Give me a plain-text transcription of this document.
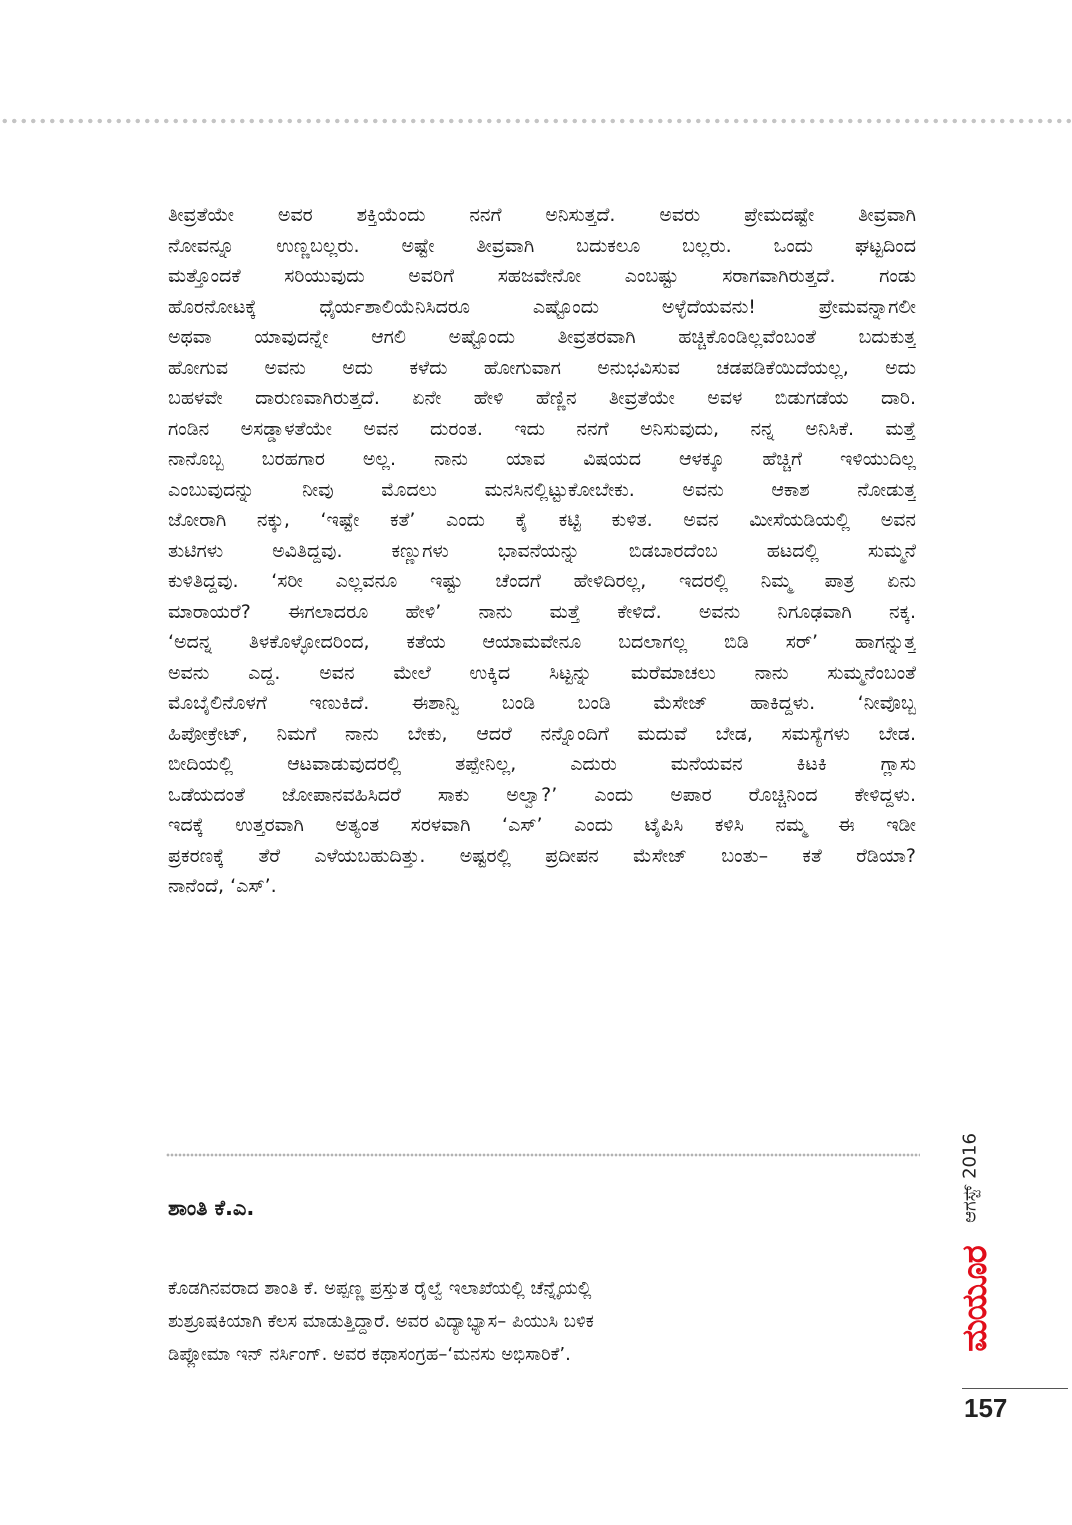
ತೀವ್ರತೆಯೇ ಅವರ ಶಕ್ತಿಯೆಂದು ನನಗೆ ಅನಿಸುತ್ತದೆ. ಅವರು ಪ್ರೇಮದಷ್ಟೇ ತೀವ್ರವಾಗಿ
ನೋವನ್ನೂ ಉಣ್ಣಬಲ್ಲರು. ಅಷ್ಟೇ ತೀವ್ರವಾಗಿ ಬದುಕಲೂ ಬಲ್ಲರು. ಒಂದು ಘಟ್ಟದಿಂದ
ಮತ್ತೊಂದಕೆ ಸರಿಯುವುದು ಅವರಿಗೆ ಸಹಜವೇನೋ ಎಂಬಷ್ಟು ಸರಾಗವಾಗಿರುತ್ತದೆ. ಗಂಡು
ಹೊರನೋಟಕ್ಕೆ ಧೈರ್ಯಶಾಲಿಯೆನಿಸಿದರೂ ಎಷ್ಟೊಂದು ಅಳ್ಳೆದೆಯವನು! ಪ್ರೇಮವನ್ನಾಗಲೀ
ಅಥವಾ ಯಾವುದನ್ನೇ ಆಗಲಿ ಅಷ್ಟೊಂದು ತೀವ್ರತರವಾಗಿ ಹಚ್ಚಿಕೊಂಡಿಲ್ಲವೆಂಬಂತೆ ಬದುಕುತ್ತ
ಹೋಗುವ ಅವನು ಅದು ಕಳೆದು ಹೋಗುವಾಗ ಅನುಭವಿಸುವ ಚಡಪಡಿಕೆಯಿದೆಯಲ್ಲ, ಅದು
ಬಹಳವೇ ದಾರುಣವಾಗಿರುತ್ತದೆ. ಏನೇ ಹೇಳಿ ಹೆಣ್ಣಿನ ತೀವ್ರತೆಯೇ ಅವಳ ಬಿಡುಗಡೆಯ ದಾರಿ.
ಗಂಡಿನ ಅಸಡ್ಡಾಳತೆಯೇ ಅವನ ದುರಂತ. ಇದು ನನಗೆ ಅನಿಸುವುದು, ನನ್ನ ಅನಿಸಿಕೆ. ಮತ್ತೆ
ನಾನೊಬ್ಬ ಬರಹಗಾರ ಅಲ್ಲ. ನಾನು ಯಾವ ವಿಷಯದ ಆಳಕ್ಕೂ ಹೆಚ್ಚಿಗೆ ಇಳಿಯುದಿಲ್ಲ
ಎಂಬುವುದನ್ನು ನೀವು ಮೊದಲು ಮನಸಿನಲ್ಲಿಟ್ಟುಕೋಬೇಕು. ಅವನು ಆಕಾಶ ನೋಡುತ್ತ
ಜೋರಾಗಿ ನಕ್ಕು, ‘ಇಷ್ಟೇ ಕತೆ’ ಎಂದು ಕೈ ಕಟ್ಟಿ ಕುಳಿತ. ಅವನ ಮೀಸೆಯಡಿಯಲ್ಲಿ ಅವನ
ತುಟಿಗಳು ಅವಿತಿದ್ದವು. ಕಣ್ಣುಗಳು ಭಾವನೆಯನ್ನು ಬಿಡಬಾರದೆಂಬ ಹಟದಲ್ಲಿ ಸುಮ್ಮನೆ
ಕುಳಿತಿದ್ದವು. ‘ಸರೀ ಎಲ್ಲವನೂ ಇಷ್ಟು ಚೆಂದಗೆ ಹೇಳಿದಿರಲ್ಲ, ಇದರಲ್ಲಿ ನಿಮ್ಮ ಪಾತ್ರ ಏನು
ಮಾರಾಯರೆ? ಈಗಲಾದರೂ ಹೇಳಿ’ ನಾನು ಮತ್ತೆ ಕೇಳಿದೆ. ಅವನು ನಿಗೂಢವಾಗಿ ನಕ್ಕ.
‘ಅದನ್ನ ತಿಳಕೊಳ್ಳೋದರಿಂದ, ಕತೆಯ ಆಯಾಮವೇನೂ ಬದಲಾಗಲ್ಲ ಬಿಡಿ ಸರ್’ ಹಾಗನ್ನುತ್ತ
ಅವನು ಎದ್ದ. ಅವನ ಮೇಲೆ ಉಕ್ಕಿದ ಸಿಟ್ಟನ್ನು ಮರೆಮಾಚಲು ನಾನು ಸುಮ್ಮನೆಂಬಂತೆ
ಮೊಬೈಲಿನೊಳಗೆ ಇಣುಕಿದೆ. ಈಶಾನ್ವಿ ಬಂಡಿ ಬಂಡಿ ಮೆಸೇಜ್ ಹಾಕಿದ್ದಳು. ‘ನೀವೊಬ್ಬ
ಹಿಪೋಕ್ರೇಟ್, ನಿಮಗೆ ನಾನು ಬೇಕು, ಆದರೆ ನನ್ನೊಂದಿಗೆ ಮದುವೆ ಬೇಡ, ಸಮಸ್ಯೆಗಳು ಬೇಡ.
ಬೀದಿಯಲ್ಲಿ ಆಟವಾಡುವುದರಲ್ಲಿ ತಪ್ಪೇನಿಲ್ಲ, ಎದುರು ಮನೆಯವನ ಕಿಟಕಿ ಗ್ಲಾಸು
ಒಡೆಯದಂತೆ ಜೋಪಾನವಹಿಸಿದರೆ ಸಾಕು ಅಲ್ವಾ?’ ಎಂದು ಅಪಾರ ರೊಚ್ಚಿನಿಂದ ಕೇಳಿದ್ದಳು.
ಇದಕ್ಕೆ ಉತ್ತರವಾಗಿ ಅತ್ಯಂತ ಸರಳವಾಗಿ ‘ಎಸ್’ ಎಂದು ಟೈಪಿಸಿ ಕಳಿಸಿ ನಮ್ಮ ಈ ಇಡೀ
ಪ್ರಕರಣಕ್ಕೆ ತೆರೆ ಎಳೆಯಬಹುದಿತ್ತು. ಅಷ್ಟರಲ್ಲಿ ಪ್ರದೀಪನ ಮೆಸೇಜ್ ಬಂತು– ಕತೆ ರೆಡಿಯಾ?
ನಾನೆಂದೆ, ‘ಎಸ್’.
ಶಾಂತಿ ಕೆ.ಎ.
ಕೊಡಗಿನವರಾದ ಶಾಂತಿ ಕೆ. ಅಪ್ಪಣ್ಣ ಪ್ರಸ್ತುತ ರೈಲ್ವೆ ಇಲಾಖೆಯಲ್ಲಿ ಚೆನ್ನೈಯಲ್ಲಿ
ಶುಶ್ರೂಷಕಿಯಾಗಿ ಕೆಲಸ ಮಾಡುತ್ತಿದ್ದಾರೆ. ಅವರ ವಿದ್ಯಾಭ್ಯಾಸ– ಪಿಯುಸಿ ಬಳಿಕ
ಡಿಪ್ಲೋಮಾ ಇನ್ ನರ್ಸಿಂಗ್. ಅವರ ಕಥಾಸಂಗ್ರಹ–‘ಮನಸು ಅಭಿಸಾರಿಕೆ’.
ಆಗಸ್ಟ್ 2016
ಮಯೂರ
157
